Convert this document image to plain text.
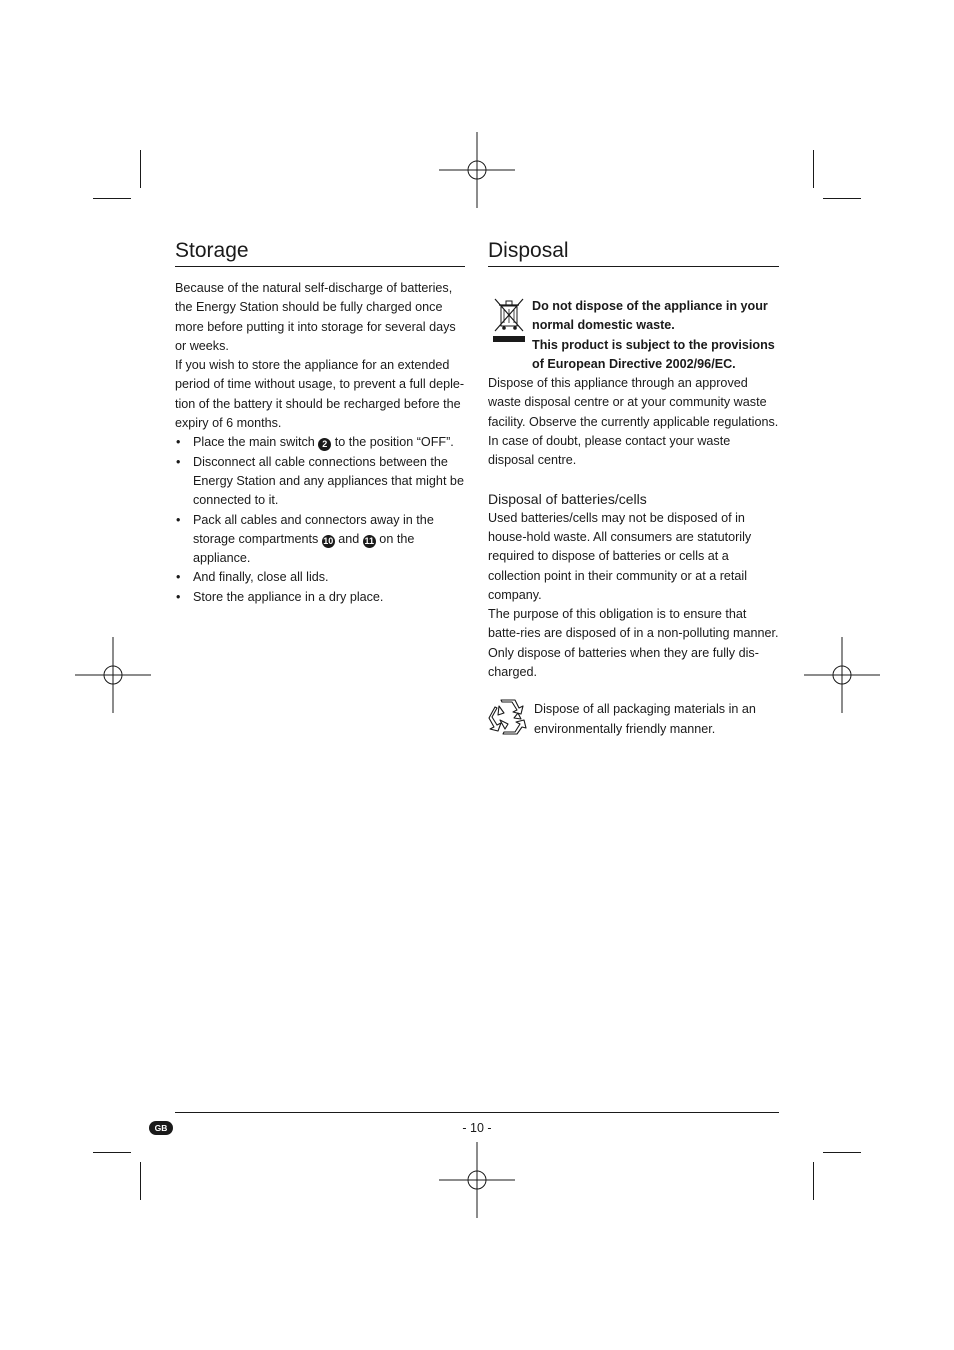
Storage

Because of the natural self-discharge of batteries, the Energy Station should be fully charged once more before putting it into storage for several days or weeks.

If you wish to store the appliance for an extended period of time without usage, to prevent a full deple-tion of the battery it should be recharged before the expiry of 6 months.

• Place the main switch 2 to the position “OFF”.
• Disconnect all cable connections between the Energy Station and any appliances that might be connected to it.
• Pack all cables and connectors away in the storage compartments 10 and 11 on the appliance.
• And finally, close all lids.
• Store the appliance in a dry place.
Disposal

Do not dispose of the appliance in your normal domestic waste.

This product is subject to the provisions of European Directive 2002/96/EC.

Dispose of this appliance through an approved waste disposal centre or at your community waste facility. Observe the currently applicable regulations.

In case of doubt, please contact your waste disposal centre.

Disposal of batteries/cells

Used batteries/cells may not be disposed of in house-hold waste. All consumers are statutorily required to dispose of batteries or cells at a collection point in their community or at a retail company.

The purpose of this obligation is to ensure that batte-ries are disposed of in a non-polluting manner. Only dispose of batteries when they are fully dis-charged.

Dispose of all packaging materials in an environmentally friendly manner.

GB	- 10 -
